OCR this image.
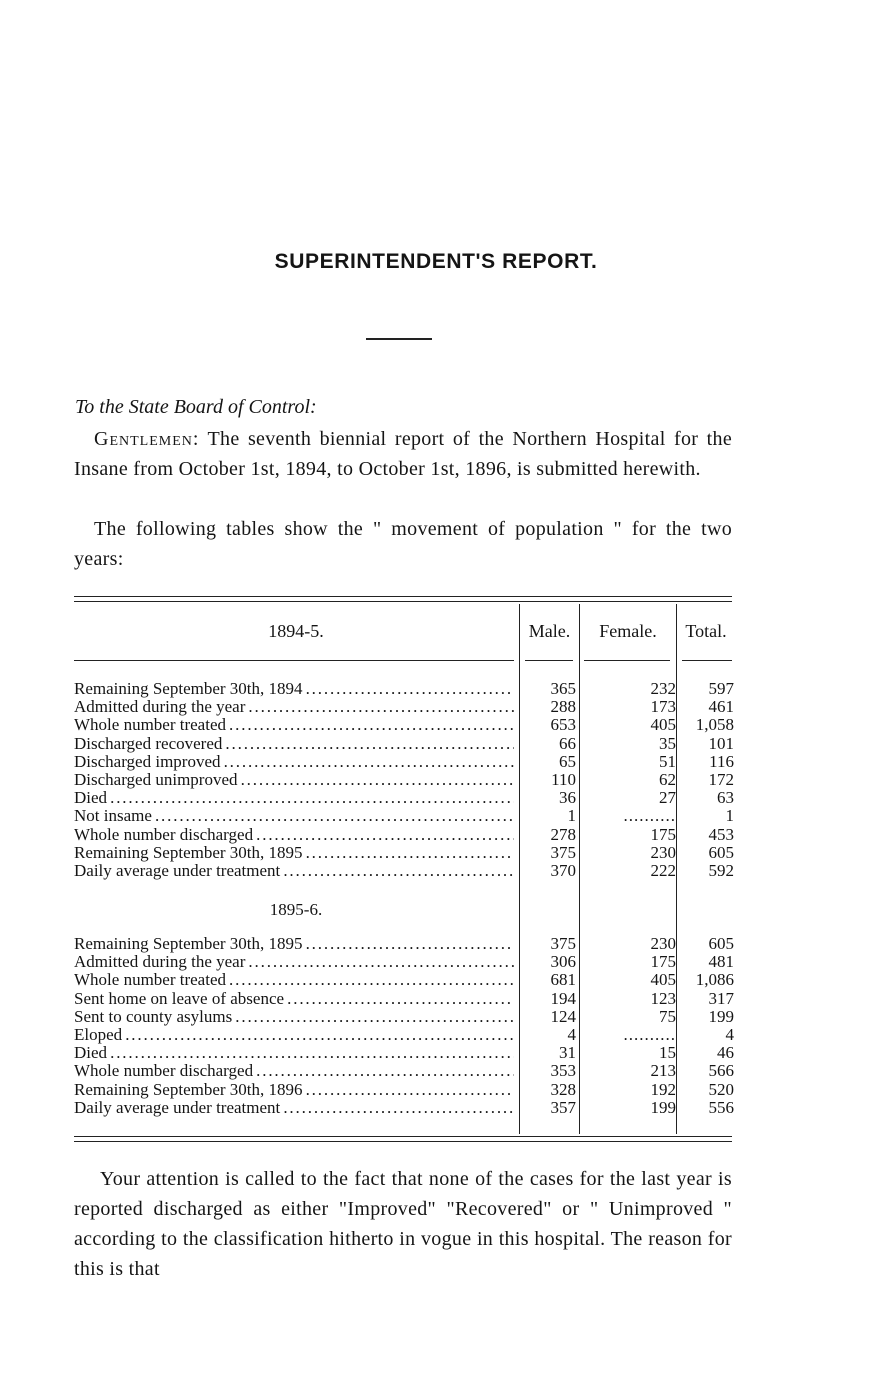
SUPERINTENDENT'S REPORT.
To the State Board of Control:
Gentlemen: The seventh biennial report of the Northern Hospital for the Insane from October 1st, 1894, to October 1st, 1896, is submitted herewith.
The following tables show the " movement of population " for the two years:
1894-5.	Male.	Female.	Total.
Remaining September 30th, 1894 . . .	365	232	597
Admitted during the year . . .	288	173	461
Whole number treated . . .	653	405	1,058
Discharged recovered . . .	66	35	101
Discharged improved . . .	65	51	116
Discharged unimproved . . .	110	62	172
Died . . .	36	27	63
Not insame . . .	1	..........	1
Whole number discharged . . .	278	175	453
Remaining September 30th, 1895 . . .	375	230	605
Daily average under treatment . . .	370	222	592
1895-6.
Remaining September 30th, 1895 . . .	375	230	605
Admitted during the year . . .	306	175	481
Whole number treated . . .	681	405	1,086
Sent home on leave of absence . . .	194	123	317
Sent to county asylums . . .	124	75	199
Eloped . . .	4	..........	4
Died . . .	31	15	46
Whole number discharged . . .	353	213	566
Remaining September 30th, 1896 . . .	328	192	520
Daily average under treatment . . .	357	199	556
Your attention is called to the fact that none of the cases for the last year is reported discharged as either "Improved" "Recovered" or " Unimproved " according to the classification hitherto in vogue in this hospital. The reason for this is that
